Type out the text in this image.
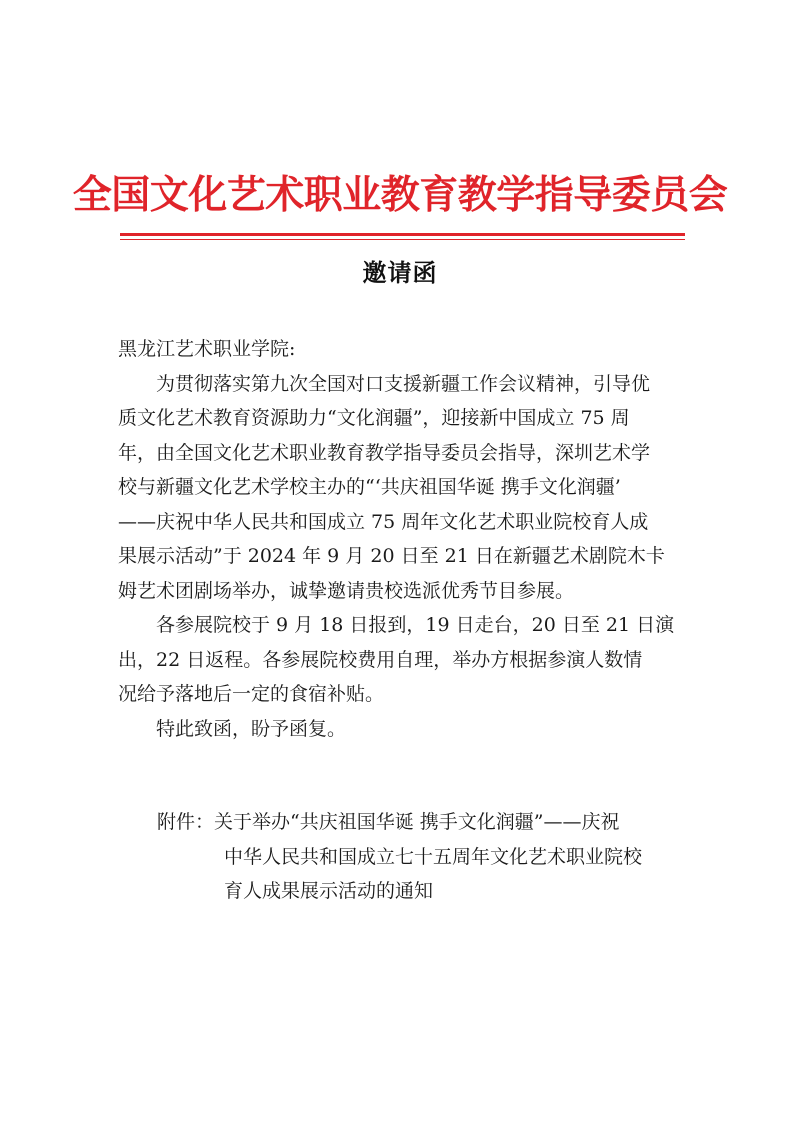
全国文化艺术职业教育教学指导委员会
邀请函

黑龙江艺术职业学院:

为贯彻落实第九次全国对口支援新疆工作会议精神，引导优

质文化艺术教育资源助力“文化润疆”，迎接新中国成立 75 周

年，由全国文化艺术职业教育教学指导委员会指导，深圳艺术学

校与新疆文化艺术学校主办的“‘共庆祖国华诞 携手文化润疆’

——庆祝中华人民共和国成立 75 周年文化艺术职业院校育人成

果展示活动”于 2024 年 9 月 20 日至 21 日在新疆艺术剧院木卡

姆艺术团剧场举办，诚挚邀请贵校选派优秀节目参展。

各参展院校于 9 月 18 日报到，19 日走台，20 日至 21 日演

出，22 日返程。各参展院校费用自理，举办方根据参演人数情

况给予落地后一定的食宿补贴。

特此致函，盼予函复。

附件：关于举办“共庆祖国华诞 携手文化润疆”——庆祝

中华人民共和国成立七十五周年文化艺术职业院校

育人成果展示活动的通知
